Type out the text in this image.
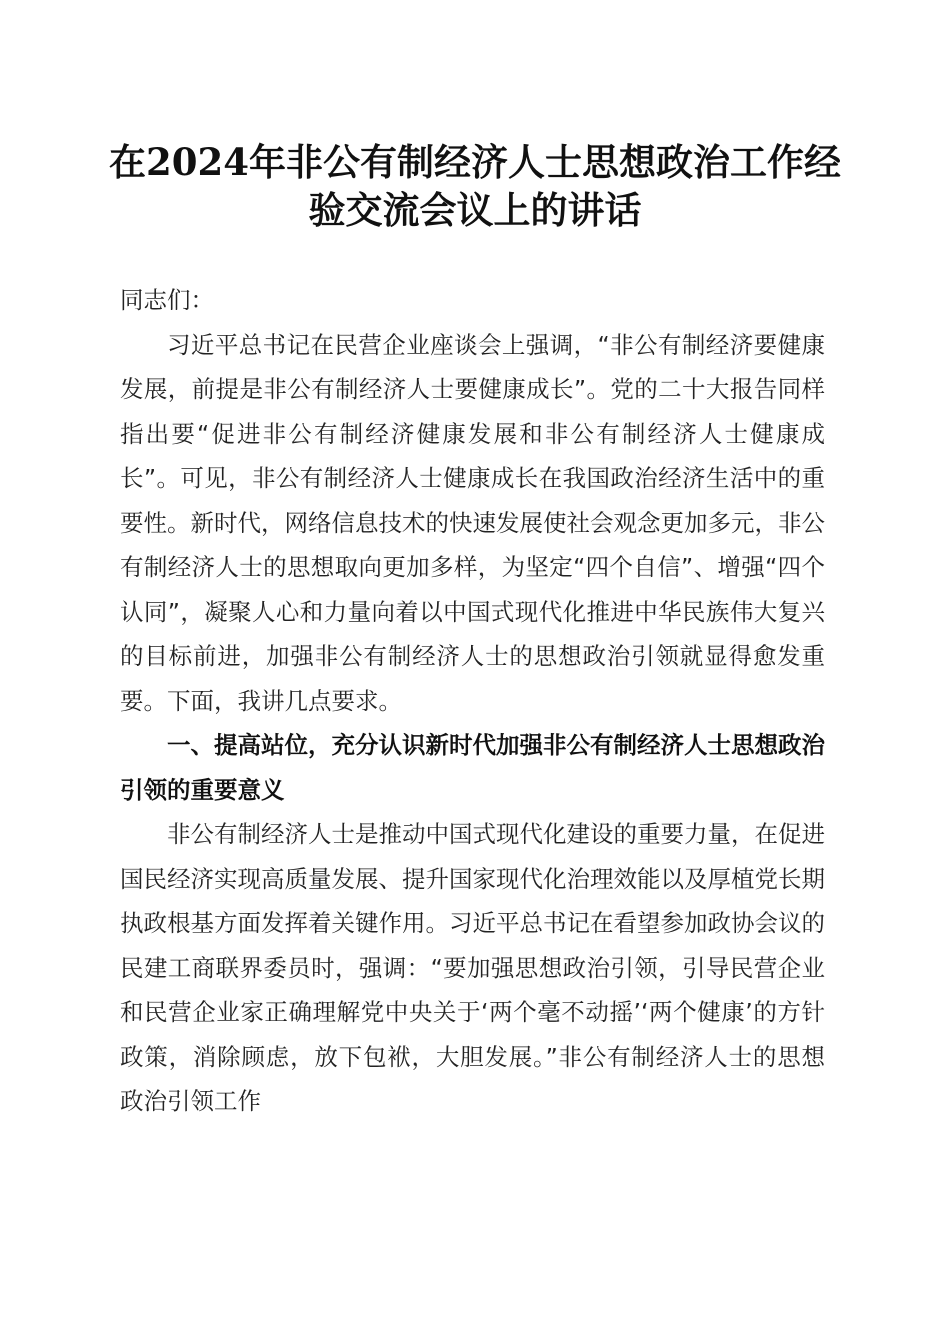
在2024年非公有制经济人士思想政治工作经
验交流会议上的讲话

同志们：

习近平总书记在民营企业座谈会上强调，“非公有制经济要健康发展，前提是非公有制经济人士要健康成长”。党的二十大报告同样指出要“促进非公有制经济健康发展和非公有制经济人士健康成长”。可见，非公有制经济人士健康成长在我国政治经济生活中的重要性。新时代，网络信息技术的快速发展使社会观念更加多元，非公有制经济人士的思想取向更加多样，为坚定“四个自信”、增强“四个认同”，凝聚人心和力量向着以中国式现代化推进中华民族伟大复兴的目标前进，加强非公有制经济人士的思想政治引领就显得愈发重要。下面，我讲几点要求。

一、提高站位，充分认识新时代加强非公有制经济人士思想政治引领的重要意义

非公有制经济人士是推动中国式现代化建设的重要力量，在促进国民经济实现高质量发展、提升国家现代化治理效能以及厚植党长期执政根基方面发挥着关键作用。习近平总书记在看望参加政协会议的民建工商联界委员时，强调：“要加强思想政治引领，引导民营企业和民营企业家正确理解党中央关于‘两个毫不动摇’‘两个健康’的方针政策，消除顾虑，放下包袱，大胆发展。”非公有制经济人士的思想政治引领工作
